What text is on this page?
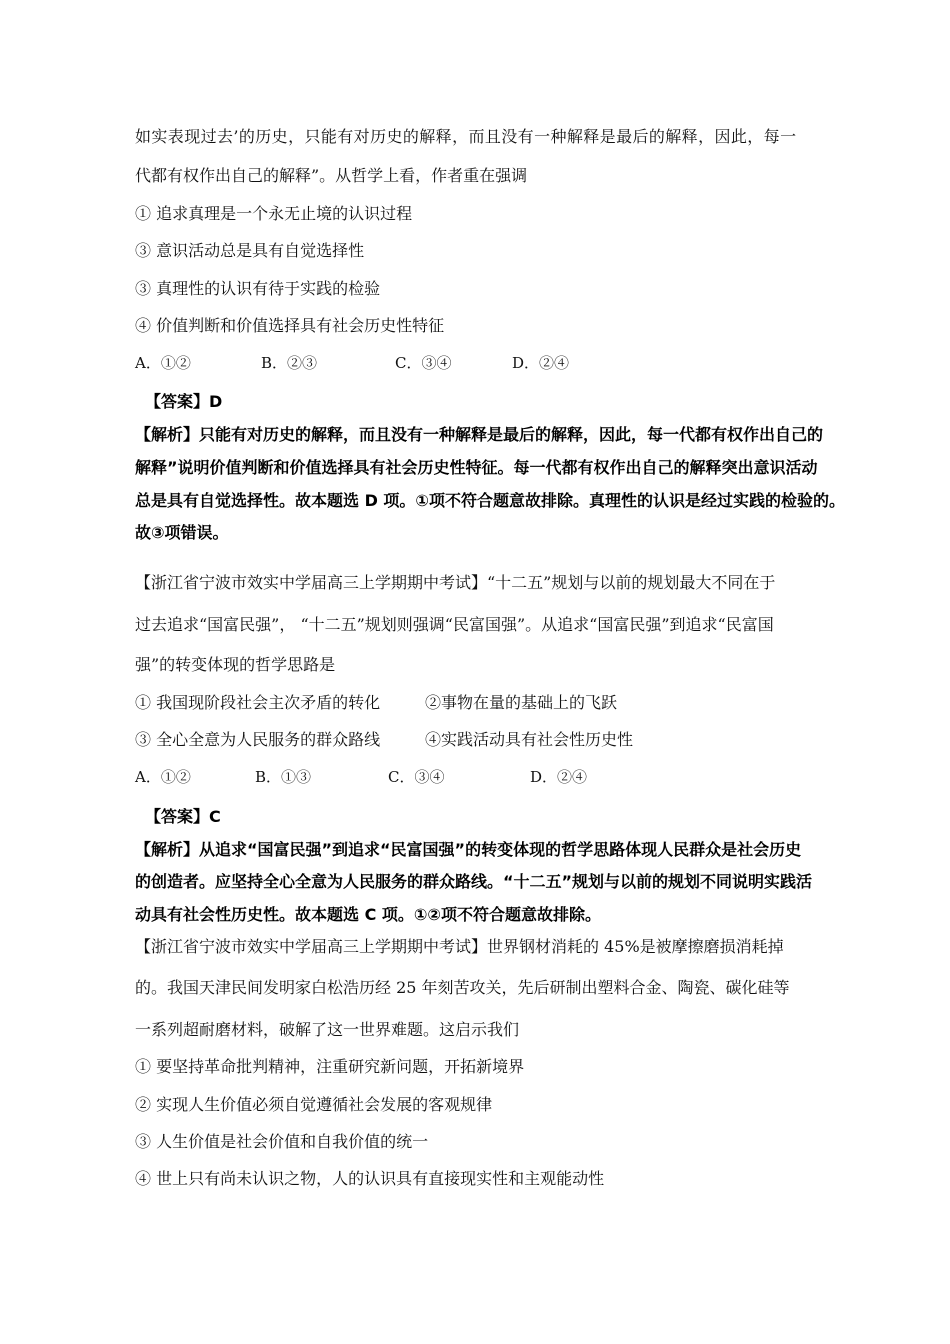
如实表现过去’的历史，只能有对历史的解释，而且没有一种解释是最后的解释，因此，每一
代都有权作出自己的解释”。从哲学上看，作者重在强调
① 追求真理是一个永无止境的认识过程
③ 意识活动总是具有自觉选择性
③ 真理性的认识有待于实践的检验
④ 价值判断和价值选择具有社会历史性特征
A．①②	B．②③	C．③④	D．②④
【答案】D
【解析】只能有对历史的解释，而且没有一种解释是最后的解释，因此，每一代都有权作出自己的
解释”说明价值判断和价值选择具有社会历史性特征。每一代都有权作出自己的解释突出意识活动
总是具有自觉选择性。故本题选 D 项。①项不符合题意故排除。真理性的认识是经过实践的检验的。
故③项错误。
【浙江省宁波市效实中学届高三上学期期中考试】“十二五”规划与以前的规划最大不同在于
过去追求“国富民强”， “十二五”规划则强调“民富国强”。从追求“国富民强”到追求“民富国
强”的转变体现的哲学思路是
① 我国现阶段社会主次矛盾的转化	②事物在量的基础上的飞跃
③ 全心全意为人民服务的群众路线	④实践活动具有社会性历史性
A．①②	B．①③	C．③④	D．②④
【答案】C
【解析】从追求“国富民强”到追求“民富国强”的转变体现的哲学思路体现人民群众是社会历史
的创造者。应坚持全心全意为人民服务的群众路线。“十二五”规划与以前的规划不同说明实践活
动具有社会性历史性。故本题选 C 项。①②项不符合题意故排除。
【浙江省宁波市效实中学届高三上学期期中考试】世界钢材消耗的 45%是被摩擦磨损消耗掉
的。我国天津民间发明家白松浩历经 25 年刻苦攻关，先后研制出塑料合金、陶瓷、碳化硅等
一系列超耐磨材料，破解了这一世界难题。这启示我们
① 要坚持革命批判精神，注重研究新问题，开拓新境界
② 实现人生价值必须自觉遵循社会发展的客观规律
③ 人生价值是社会价值和自我价值的统一
④ 世上只有尚未认识之物，人的认识具有直接现实性和主观能动性
